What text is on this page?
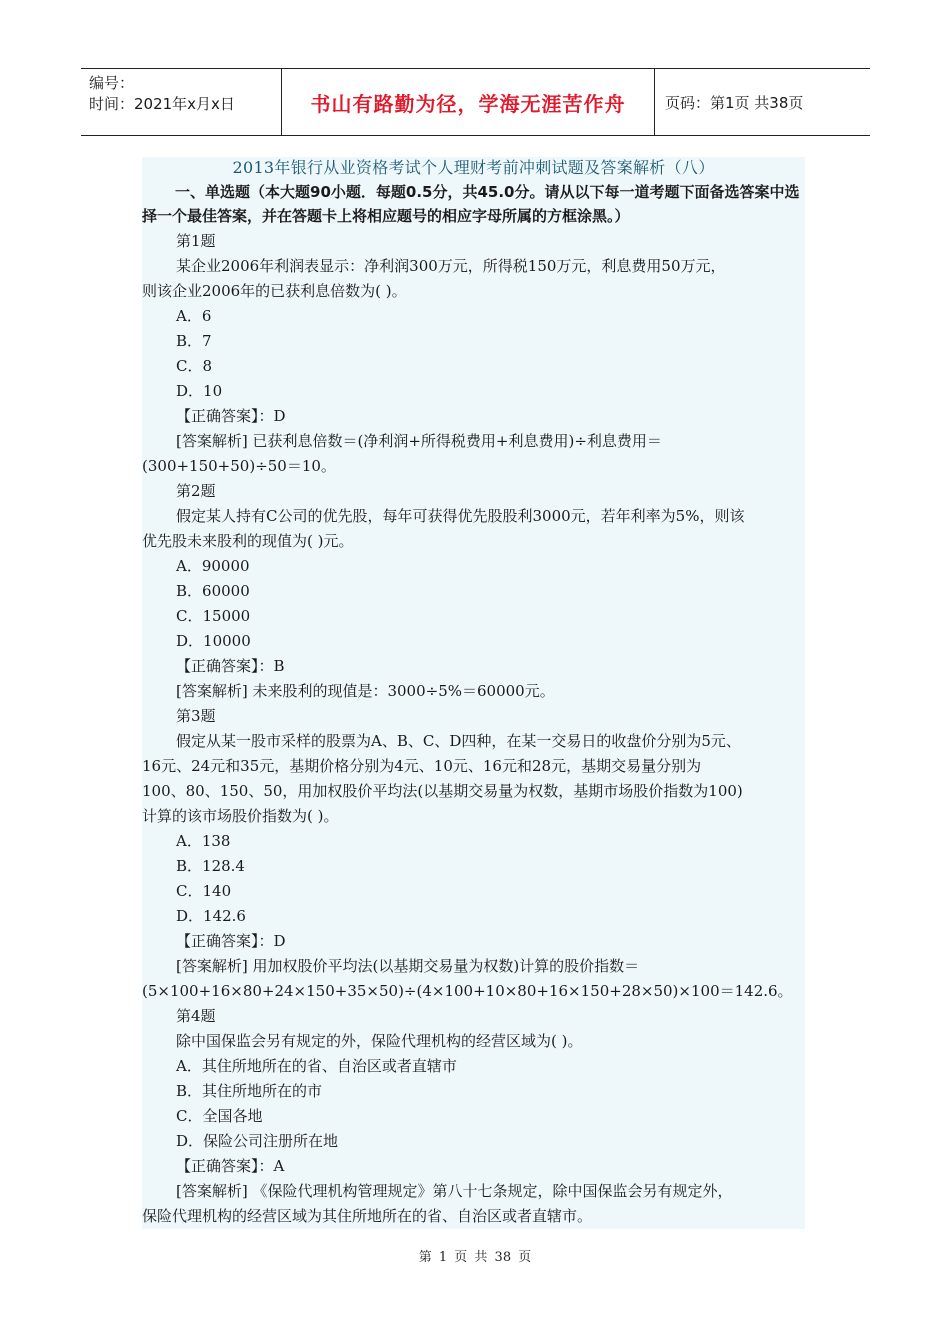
编号：
时间：2021年x月x日	书山有路勤为径，学海无涯苦作舟	页码：第1页 共38页
2013年银行从业资格考试个人理财考前冲刺试题及答案解析（八）
一、单选题（本大题90小题．每题0.5分，共45.0分。请从以下每一道考题下面备选答案中选择一个最佳答案，并在答题卡上将相应题号的相应字母所属的方框涂黑。）
第1题
某企业2006年利润表显示：净利润300万元，所得税150万元，利息费用50万元，
则该企业2006年的已获利息倍数为( )。
A．6
B．7
C．8
D．10
【正确答案】：D
[答案解析] 已获利息倍数＝(净利润+所得税费用+利息费用)÷利息费用＝
(300+150+50)÷50＝10。
第2题
假定某人持有C公司的优先股，每年可获得优先股股利3000元，若年利率为5%，则该
优先股未来股利的现值为( )元。
A．90000
B．60000
C．15000
D．10000
【正确答案】：B
[答案解析] 未来股利的现值是：3000÷5%＝60000元。
第3题
假定从某一股市采样的股票为A、B、C、D四种，在某一交易日的收盘价分别为5元、
16元、24元和35元，基期价格分别为4元、10元、16元和28元，基期交易量分别为
100、80、150、50，用加权股价平均法(以基期交易量为权数，基期市场股价指数为100)
计算的该市场股价指数为( )。
A．138
B．128.4
C．140
D．142.6
【正确答案】：D
[答案解析] 用加权股价平均法(以基期交易量为权数)计算的股价指数＝
(5×100+16×80+24×150+35×50)÷(4×100+10×80+16×150+28×50)×100＝142.6。
第4题
除中国保监会另有规定的外，保险代理机构的经营区域为( )。
A．其住所地所在的省、自治区或者直辖市
B．其住所地所在的市
C．全国各地
D．保险公司注册所在地
【正确答案】：A
[答案解析] 《保险代理机构管理规定》第八十七条规定，除中国保监会另有规定外，
保险代理机构的经营区域为其住所地所在的省、自治区或者直辖市。
第 1 页 共 38 页
